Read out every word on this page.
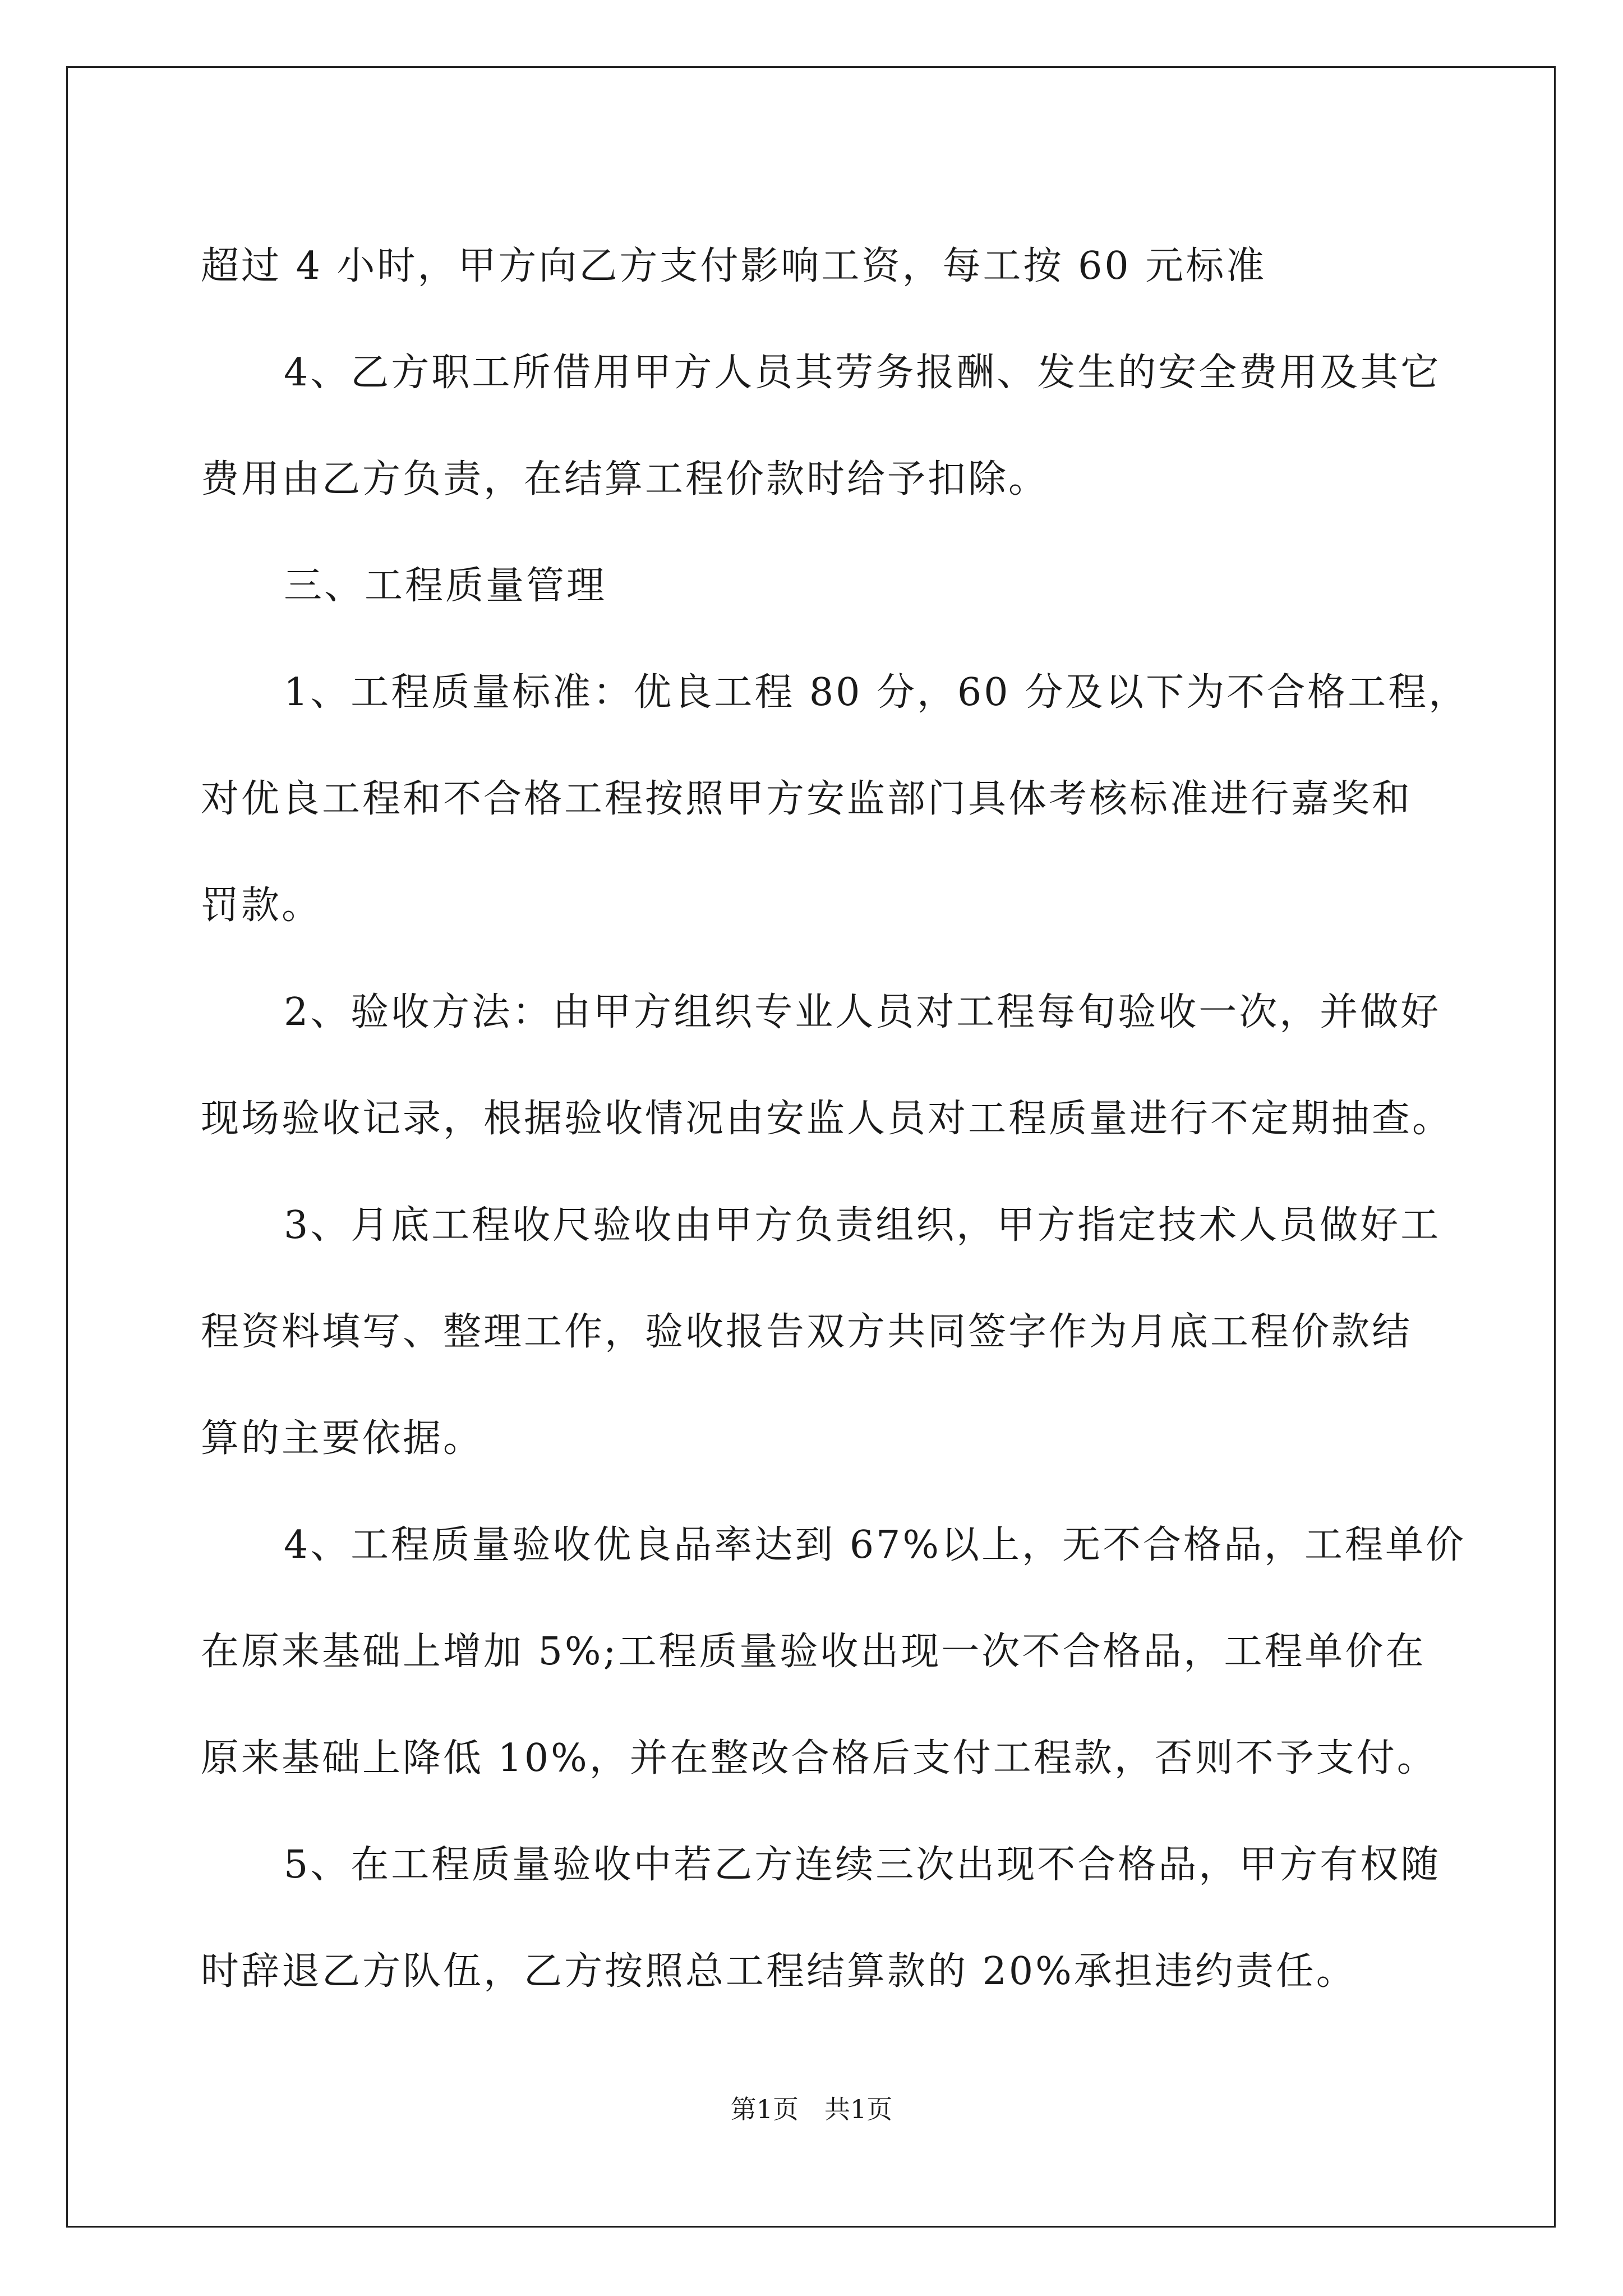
超过 4 小时，甲方向乙方支付影响工资，每工按 60 元标准
4、乙方职工所借用甲方人员其劳务报酬、发生的安全费用及其它
费用由乙方负责，在结算工程价款时给予扣除。
三、工程质量管理
1、工程质量标准：优良工程 80 分，60 分及以下为不合格工程，
对优良工程和不合格工程按照甲方安监部门具体考核标准进行嘉奖和
罚款。
2、验收方法：由甲方组织专业人员对工程每旬验收一次，并做好
现场验收记录，根据验收情况由安监人员对工程质量进行不定期抽查。
3、月底工程收尺验收由甲方负责组织，甲方指定技术人员做好工
程资料填写、整理工作，验收报告双方共同签字作为月底工程价款结
算的主要依据。
4、工程质量验收优良品率达到 67%以上，无不合格品，工程单价
在原来基础上增加 5%;工程质量验收出现一次不合格品，工程单价在
原来基础上降低 10%，并在整改合格后支付工程款，否则不予支付。
5、在工程质量验收中若乙方连续三次出现不合格品，甲方有权随
时辞退乙方队伍，乙方按照总工程结算款的 20%承担违约责任。
第1页 共1页
